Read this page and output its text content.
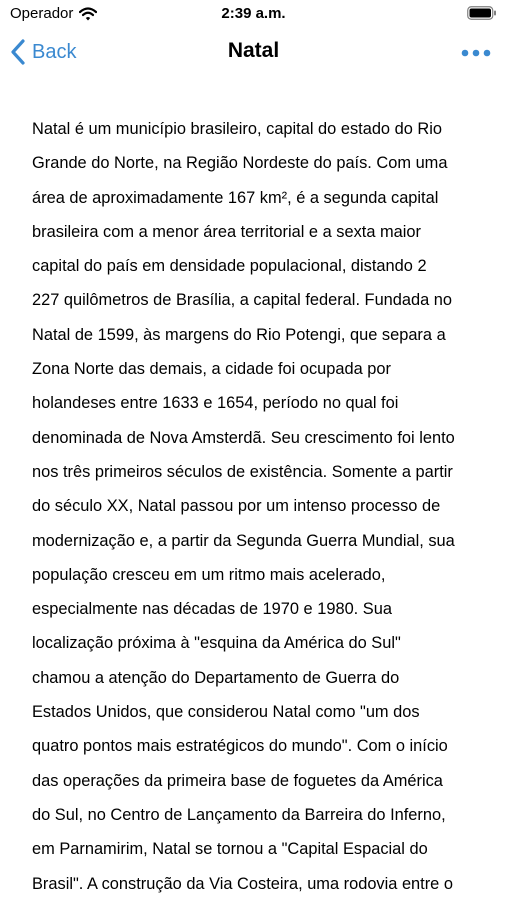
Operador	2:39 a.m.
Back	Natal
Natal é um município brasileiro, capital do estado do Rio
Grande do Norte, na Região Nordeste do país. Com uma
área de aproximadamente 167 km², é a segunda capital
brasileira com a menor área territorial e a sexta maior
capital do país em densidade populacional, distando 2
227 quilômetros de Brasília, a capital federal. Fundada no
Natal de 1599, às margens do Rio Potengi, que separa a
Zona Norte das demais, a cidade foi ocupada por
holandeses entre 1633 e 1654, período no qual foi
denominada de Nova Amsterdã. Seu crescimento foi lento
nos três primeiros séculos de existência. Somente a partir
do século XX, Natal passou por um intenso processo de
modernização e, a partir da Segunda Guerra Mundial, sua
população cresceu em um ritmo mais acelerado,
especialmente nas décadas de 1970 e 1980. Sua
localização próxima à "esquina da América do Sul"
chamou a atenção do Departamento de Guerra do
Estados Unidos, que considerou Natal como "um dos
quatro pontos mais estratégicos do mundo". Com o início
das operações da primeira base de foguetes da América
do Sul, no Centro de Lançamento da Barreira do Inferno,
em Parnamirim, Natal se tornou a "Capital Espacial do
Brasil". A construção da Via Costeira, uma rodovia entre o
